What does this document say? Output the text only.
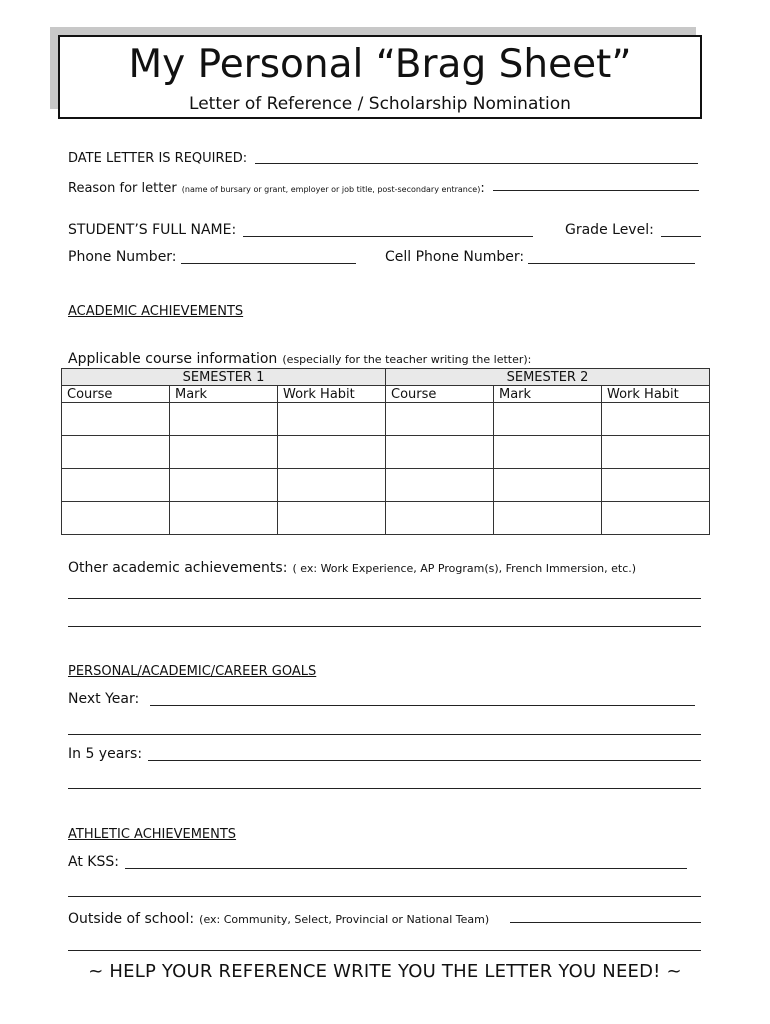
My Personal “Brag Sheet”
Letter of Reference / Scholarship Nomination
DATE LETTER IS REQUIRED:
Reason for letter (name of bursary or grant, employer or job title, post-secondary entrance):
STUDENT’S FULL NAME:	Grade Level:
Phone Number:	Cell Phone Number:
ACADEMIC ACHIEVEMENTS
Applicable course information (especially for the teacher writing the letter):
SEMESTER 1			SEMESTER 2		
Course	Mark	Work Habit	Course	Mark	Work Habit

Other academic achievements: ( ex: Work Experience, AP Program(s), French Immersion, etc.)
PERSONAL/ACADEMIC/CAREER GOALS
Next Year:
In 5 years:
ATHLETIC ACHIEVEMENTS
At KSS:
Outside of school: (ex: Community, Select, Provincial or National Team)
~ HELP YOUR REFERENCE WRITE YOU THE LETTER YOU NEED! ~
